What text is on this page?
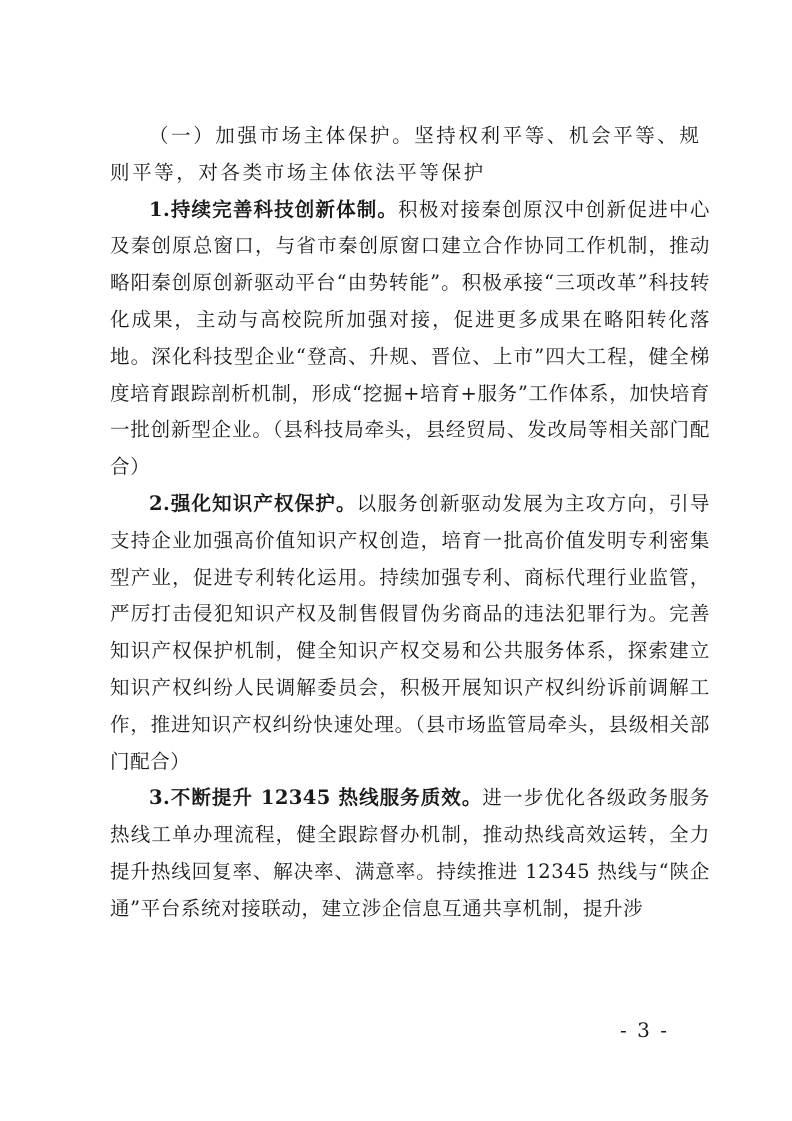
（一）加强市场主体保护。坚持权利平等、机会平等、规则平等，对各类市场主体依法平等保护

1.持续完善科技创新体制。积极对接秦创原汉中创新促进中心及秦创原总窗口，与省市秦创原窗口建立合作协同工作机制，推动略阳秦创原创新驱动平台“由势转能”。积极承接“三项改革”科技转化成果，主动与高校院所加强对接，促进更多成果在略阳转化落地。深化科技型企业“登高、升规、晋位、上市”四大工程，健全梯度培育跟踪剖析机制，形成“挖掘+培育+服务”工作体系，加快培育一批创新型企业。（县科技局牵头，县经贸局、发改局等相关部门配合）

2.强化知识产权保护。以服务创新驱动发展为主攻方向，引导支持企业加强高价值知识产权创造，培育一批高价值发明专利密集型产业，促进专利转化运用。持续加强专利、商标代理行业监管，严厉打击侵犯知识产权及制售假冒伪劣商品的违法犯罪行为。完善知识产权保护机制，健全知识产权交易和公共服务体系，探索建立知识产权纠纷人民调解委员会，积极开展知识产权纠纷诉前调解工作，推进知识产权纠纷快速处理。（县市场监管局牵头，县级相关部门配合）

3.不断提升 12345 热线服务质效。进一步优化各级政务服务热线工单办理流程，健全跟踪督办机制，推动热线高效运转，全力提升热线回复率、解决率、满意率。持续推进 12345 热线与“陕企通”平台系统对接联动，建立涉企信息互通共享机制，提升涉

- 3 -
